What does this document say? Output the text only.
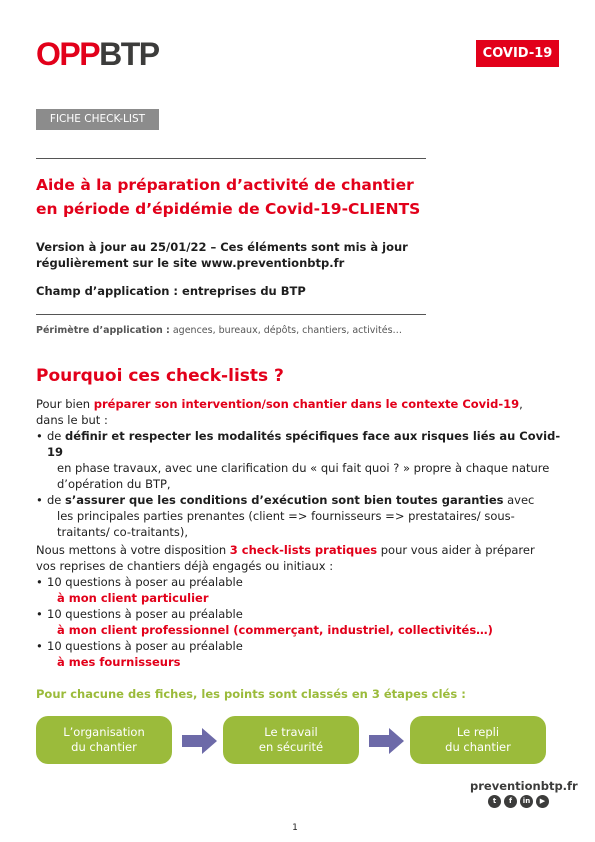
OPPBTP	COVID-19
FICHE CHECK-LIST
Aide à la préparation d’activité de chantier
en période d’épidémie de Covid-19-CLIENTS
Version à jour au 25/01/22 – Ces éléments sont mis à jour
régulièrement sur le site www.preventionbtp.fr
Champ d’application : entreprises du BTP
Périmètre d’application : agences, bureaux, dépôts, chantiers, activités…
Pourquoi ces check-lists ?
Pour bien préparer son intervention/son chantier dans le contexte Covid-19,
dans le but :
• de définir et respecter les modalités spécifiques face aux risques liés au Covid-19
en phase travaux, avec une clarification du « qui fait quoi ? » propre à chaque nature
d’opération du BTP,
• de s’assurer que les conditions d’exécution sont bien toutes garanties avec
les principales parties prenantes (client => fournisseurs => prestataires/ sous-
traitants/ co-traitants),
Nous mettons à votre disposition 3 check-lists pratiques pour vous aider à préparer
vos reprises de chantiers déjà engagés ou initiaux :
• 10 questions à poser au préalable
à mon client particulier
• 10 questions à poser au préalable
à mon client professionnel (commerçant, industriel, collectivités…)
• 10 questions à poser au préalable
à mes fournisseurs
Pour chacune des fiches, les points sont classés en 3 étapes clés :
L’organisation
du chantier
Le travail
en sécurité
Le repli
du chantier
preventionbtp.fr
t	f	in	▶
1
